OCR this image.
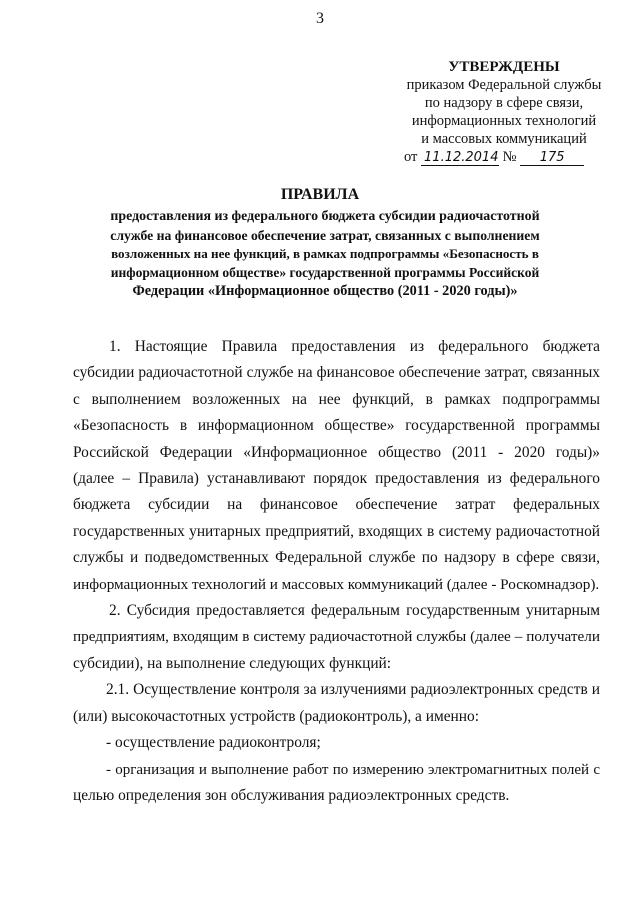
3
УТВЕРЖДЕНЫ
приказом Федеральной службы
по надзору в сфере связи,
информационных технологий
и массовых коммуникаций
от 11.12.2014 № 175
ПРАВИЛА
предоставления из федерального бюджета субсидии радиочастотной
службе на финансовое обеспечение затрат, связанных с выполнением
возложенных на нее функций, в рамках подпрограммы «Безопасность в
информационном обществе» государственной программы Российской
Федерации «Информационное общество (2011 - 2020 годы)»
1. Настоящие Правила предоставления из федерального бюджета
субсидии радиочастотной службе на финансовое обеспечение затрат, связанных
с выполнением возложенных на нее функций, в рамках подпрограммы
«Безопасность в информационном обществе» государственной программы
Российской Федерации «Информационное общество (2011 - 2020 годы)»
(далее – Правила) устанавливают порядок предоставления из федерального
бюджета субсидии на финансовое обеспечение затрат федеральных
государственных унитарных предприятий, входящих в систему радиочастотной
службы и подведомственных Федеральной службе по надзору в сфере связи,
информационных технологий и массовых коммуникаций (далее - Роскомнадзор).
2. Субсидия предоставляется федеральным государственным унитарным
предприятиям, входящим в систему радиочастотной службы (далее – получатели
субсидии), на выполнение следующих функций:
2.1. Осуществление контроля за излучениями радиоэлектронных средств и
(или) высокочастотных устройств (радиоконтроль), а именно:
- осуществление радиоконтроля;
- организация и выполнение работ по измерению электромагнитных полей с
целью определения зон обслуживания радиоэлектронных средств.
